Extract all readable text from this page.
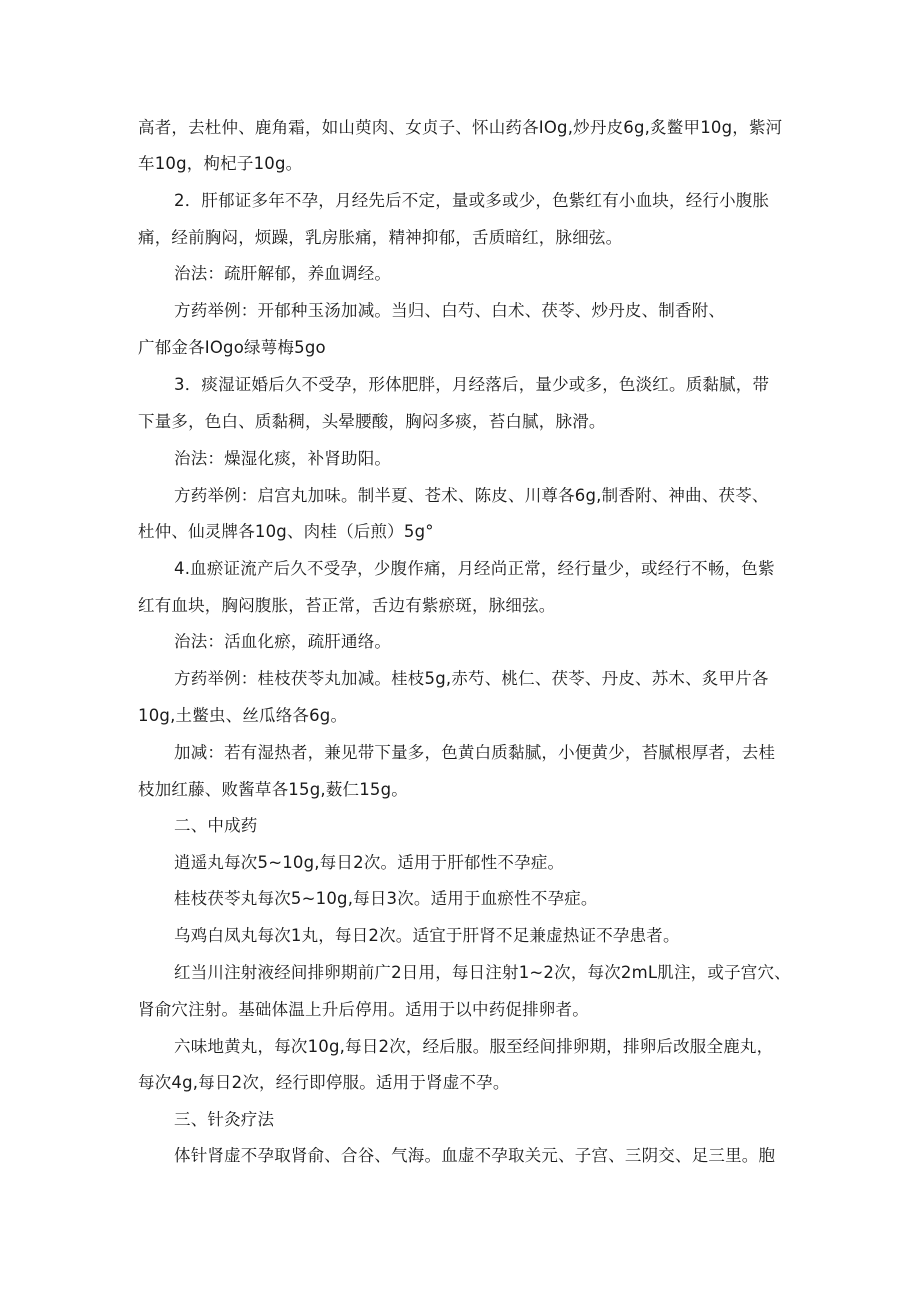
高者，去杜仲、鹿角霜，如山萸肉、女贞子、怀山药各IOg,炒丹皮6g,炙鳖甲10g，紫河
车10g，枸杞子10g。
2．肝郁证多年不孕，月经先后不定，量或多或少，色紫红有小血块，经行小腹胀
痛，经前胸闷，烦躁，乳房胀痛，精神抑郁，舌质暗红，脉细弦。
治法：疏肝解郁，养血调经。
方药举例：开郁种玉汤加减。当归、白芍、白术、茯苓、炒丹皮、制香附、
广郁金各IOgo绿萼梅5go
3．痰湿证婚后久不受孕，形体肥胖，月经落后，量少或多，色淡红。质黏腻，带
下量多，色白、质黏稠，头晕腰酸，胸闷多痰，苔白腻，脉滑。
治法：燥湿化痰，补肾助阳。
方药举例：启宫丸加味。制半夏、苍术、陈皮、川尊各6g,制香附、神曲、茯苓、
杜仲、仙灵牌各10g、肉桂（后煎）5g°
4.血瘀证流产后久不受孕，少腹作痛，月经尚正常，经行量少，或经行不畅，色紫
红有血块，胸闷腹胀，苔正常，舌边有紫瘀斑，脉细弦。
治法：活血化瘀，疏肝通络。
方药举例：桂枝茯苓丸加减。桂枝5g,赤芍、桃仁、茯苓、丹皮、苏木、炙甲片各
10g,土鳖虫、丝瓜络各6g。
加减：若有湿热者，兼见带下量多，色黄白质黏腻，小便黄少，苔腻根厚者，去桂
枝加红藤、败酱草各15g,薮仁15g。
二、中成药
逍遥丸每次5~10g,每日2次。适用于肝郁性不孕症。
桂枝茯苓丸每次5~10g,每日3次。适用于血瘀性不孕症。
乌鸡白凤丸每次1丸，每日2次。适宜于肝肾不足兼虚热证不孕患者。
红当川注射液经间排卵期前广2日用，每日注射1~2次，每次2mL肌注，或子宫穴、
肾俞穴注射。基础体温上升后停用。适用于以中药促排卵者。
六味地黄丸，每次10g,每日2次，经后服。服至经间排卵期，排卵后改服全鹿丸，
每次4g,每日2次，经行即停服。适用于肾虚不孕。
三、针灸疗法
体针肾虚不孕取肾俞、合谷、气海。血虚不孕取关元、子宫、三阴交、足三里。胞
